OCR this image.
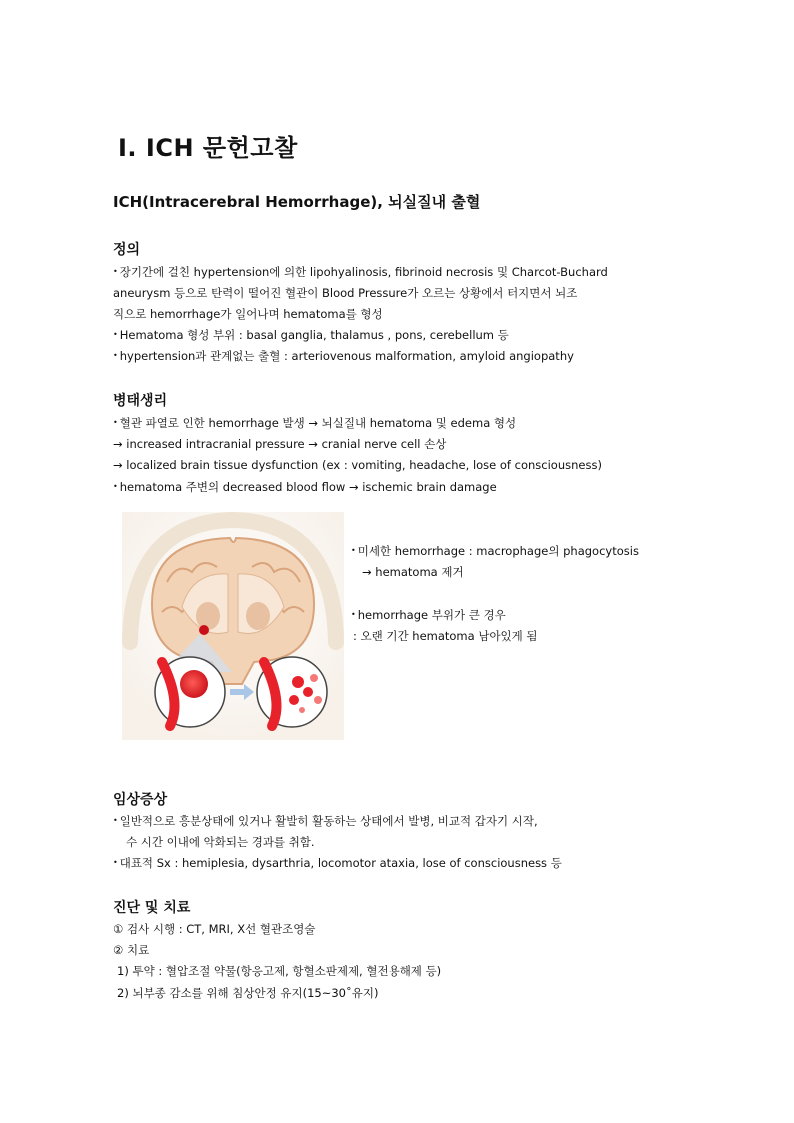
Ⅰ. ICH 문헌고찰
ICH(Intracerebral Hemorrhage), 뇌실질내 출혈
정의
• 장기간에 걸친 hypertension에 의한 lipohyalinosis, fibrinoid necrosis 및 Charcot-Buchard
aneurysm 등으로 탄력이 떨어진 혈관이 Blood Pressure가 오르는 상황에서 터지면서 뇌조
직으로 hemorrhage가 일어나며 hematoma를 형성
• Hematoma 형성 부위 : basal ganglia, thalamus , pons, cerebellum 등
• hypertension과 관계없는 출혈 : arteriovenous malformation, amyloid angiopathy
병태생리
• 혈관 파열로 인한 hemorrhage 발생 → 뇌실질내 hematoma 및 edema 형성
→ increased intracranial pressure → cranial nerve cell 손상
→ localized brain tissue dysfunction (ex : vomiting, headache, lose of consciousness)
• hematoma 주변의 decreased blood flow → ischemic brain damage
• 미세한 hemorrhage : macrophage의 phagocytosis
→ hematoma 제거
• hemorrhage 부위가 큰 경우
: 오랜 기간 hematoma 남아있게 됨
임상증상
• 일반적으로 흥분상태에 있거나 활발히 활동하는 상태에서 발병, 비교적 갑자기 시작,
수 시간 이내에 악화되는 경과를 취함.
• 대표적 Sx : hemiplesia, dysarthria, locomotor ataxia, lose of consciousness 등
진단 및 치료
① 검사 시행 : CT, MRI, X선 혈관조영술
② 치료
1) 투약 : 혈압조절 약물(항응고제, 항혈소판제제, 혈전용해제 등)
2) 뇌부종 감소를 위해 침상안정 유지(15~30˚유지)
